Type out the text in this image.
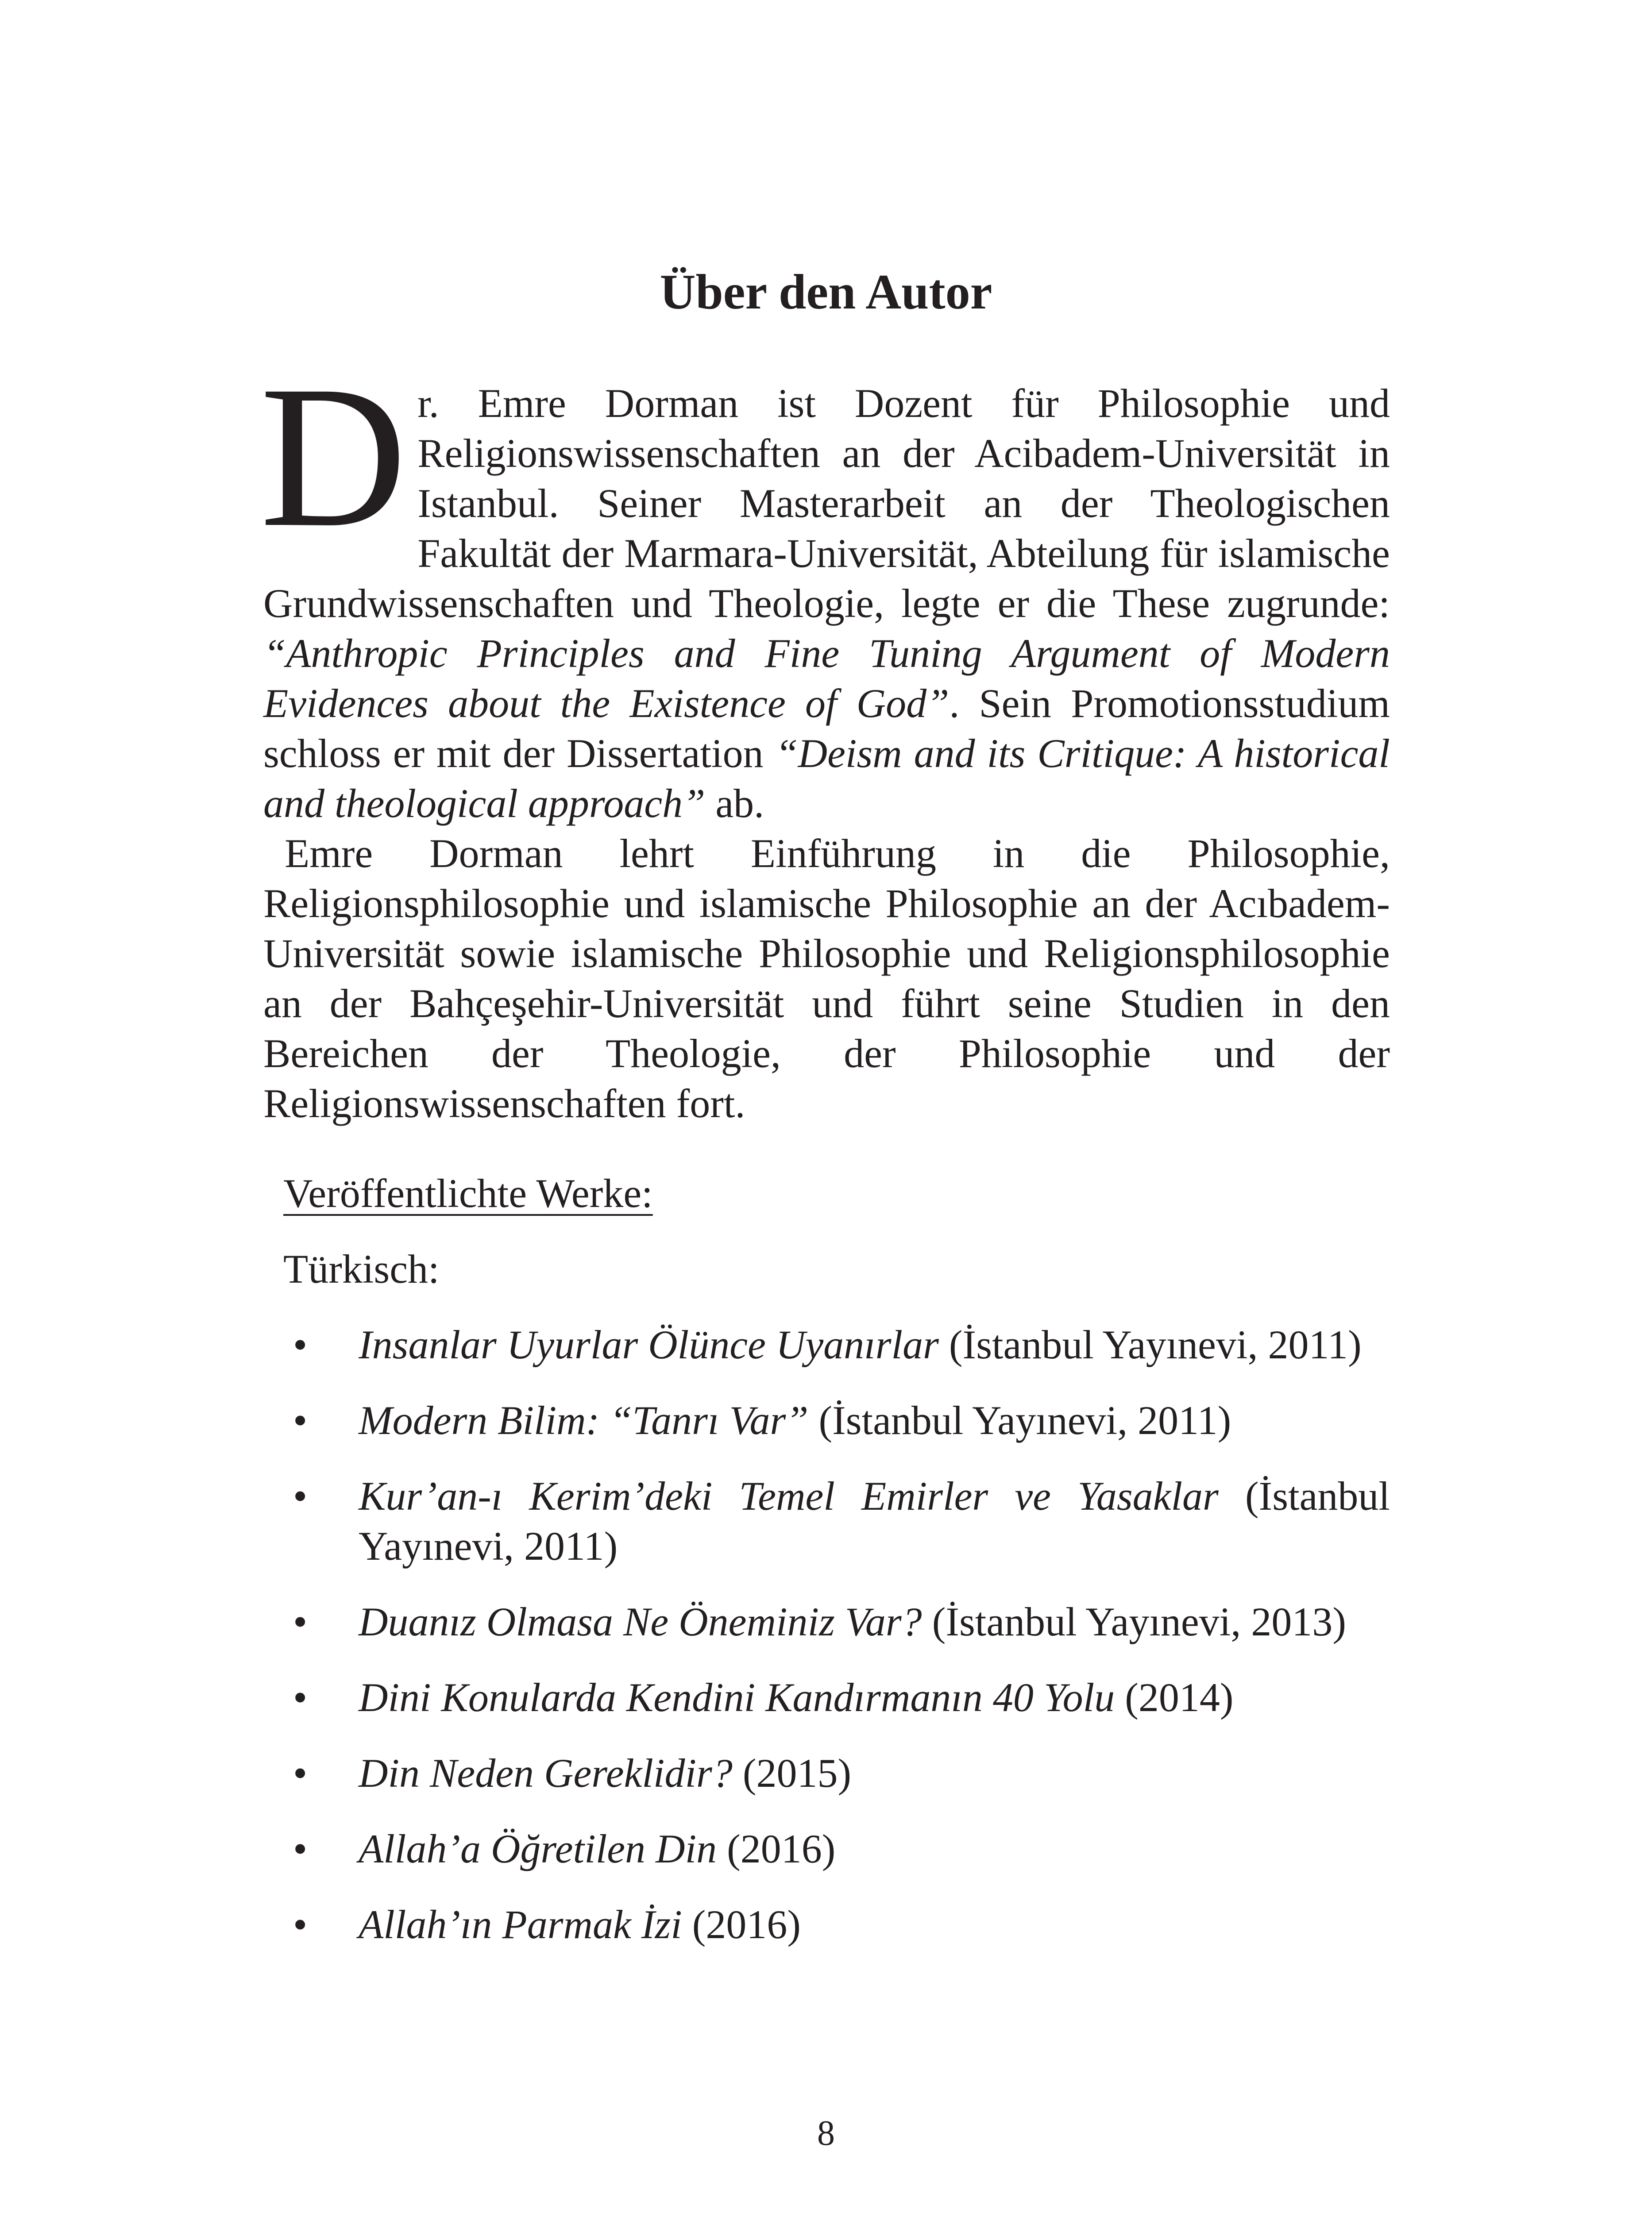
Über den Autor

Dr. Emre Dorman ist Dozent für Philosophie und Religionswissenschaften an der Acibadem-Universität in Istanbul. Seiner Masterarbeit an der Theologischen Fakultät der Marmara-Universität, Abteilung für islamische Grundwissenschaften und Theologie, legte er die These zugrunde: “Anthropic Principles and Fine Tuning Argument of Modern Evidences about the Existence of God”. Sein Promotionsstudium schloss er mit der Dissertation “Deism and its Critique: A historical and theological approach” ab.

Emre Dorman lehrt Einführung in die Philosophie, Religionsphilosophie und islamische Philosophie an der Acıbadem-Universität sowie islamische Philosophie und Religionsphilosophie an der Bahçeşehir-Universität und führt seine Studien in den Bereichen der Theologie, der Philosophie und der Religionswissenschaften fort.

Veröffentlichte Werke:

Türkisch:

• Insanlar Uyurlar Ölünce Uyanırlar (İstanbul Yayınevi, 2011)
• Modern Bilim: “Tanrı Var” (İstanbul Yayınevi, 2011)
• Kur’an-ı Kerim’deki Temel Emirler ve Yasaklar (İstanbul Yayınevi, 2011)
• Duanız Olmasa Ne Öneminiz Var? (İstanbul Yayınevi, 2013)
• Dini Konularda Kendini Kandırmanın 40 Yolu (2014)
• Din Neden Gereklidir? (2015)
• Allah’a Öğretilen Din (2016)
• Allah’ın Parmak İzi (2016)

8
